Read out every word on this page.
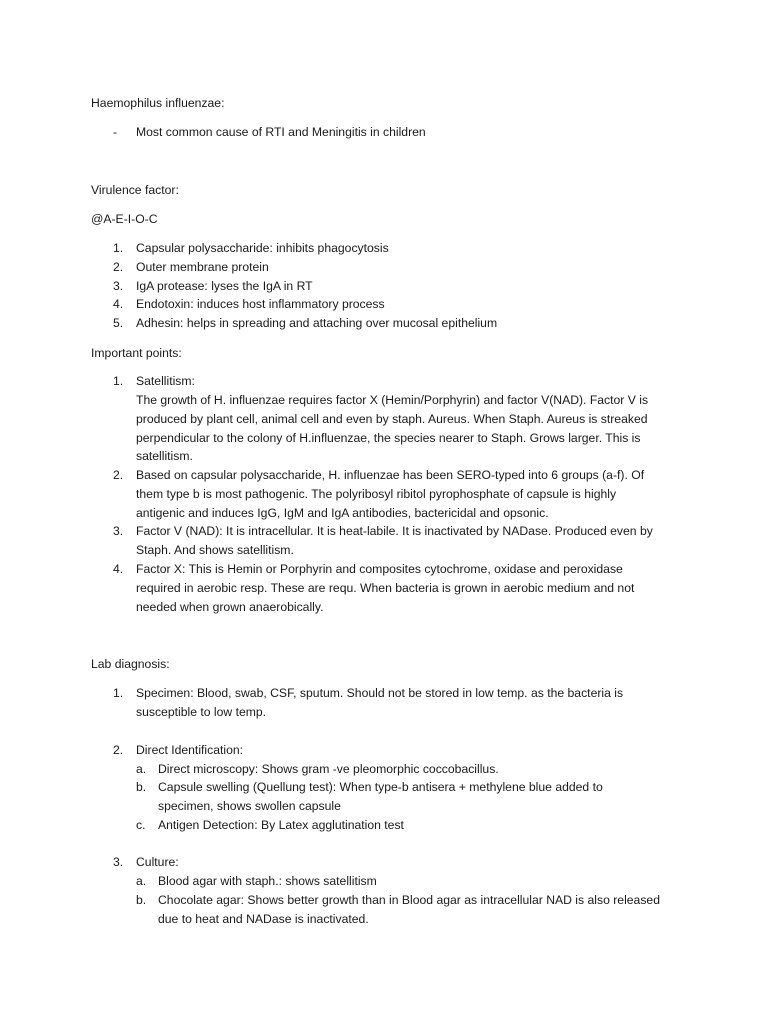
Haemophilus influenzae:
- Most common cause of RTI and Meningitis in children
Virulence factor:
@A-E-I-O-C
1. Capsular polysaccharide: inhibits phagocytosis
2. Outer membrane protein
3. IgA protease: lyses the IgA in RT
4. Endotoxin: induces host inflammatory process
5. Adhesin: helps in spreading and attaching over mucosal epithelium
Important points:
1. Satellitism:
The growth of H. influenzae requires factor X (Hemin/Porphyrin) and factor V(NAD). Factor V is
produced by plant cell, animal cell and even by staph. Aureus. When Staph. Aureus is streaked
perpendicular to the colony of H.influenzae, the species nearer to Staph. Grows larger. This is
satellitism.
2. Based on capsular polysaccharide, H. influenzae has been SERO-typed into 6 groups (a-f). Of
them type b is most pathogenic. The polyribosyl ribitol pyrophosphate of capsule is highly
antigenic and induces IgG, IgM and IgA antibodies, bactericidal and opsonic.
3. Factor V (NAD): It is intracellular. It is heat-labile. It is inactivated by NADase. Produced even by
Staph. And shows satellitism.
4. Factor X: This is Hemin or Porphyrin and composites cytochrome, oxidase and peroxidase
required in aerobic resp. These are requ. When bacteria is grown in aerobic medium and not
needed when grown anaerobically.
Lab diagnosis:
1. Specimen: Blood, swab, CSF, sputum. Should not be stored in low temp. as the bacteria is
susceptible to low temp.
2. Direct Identification:
a. Direct microscopy: Shows gram -ve pleomorphic coccobacillus.
b. Capsule swelling (Quellung test): When type-b antisera + methylene blue added to
specimen, shows swollen capsule
c. Antigen Detection: By Latex agglutination test
3. Culture:
a. Blood agar with staph.: shows satellitism
b. Chocolate agar: Shows better growth than in Blood agar as intracellular NAD is also released
due to heat and NADase is inactivated.
